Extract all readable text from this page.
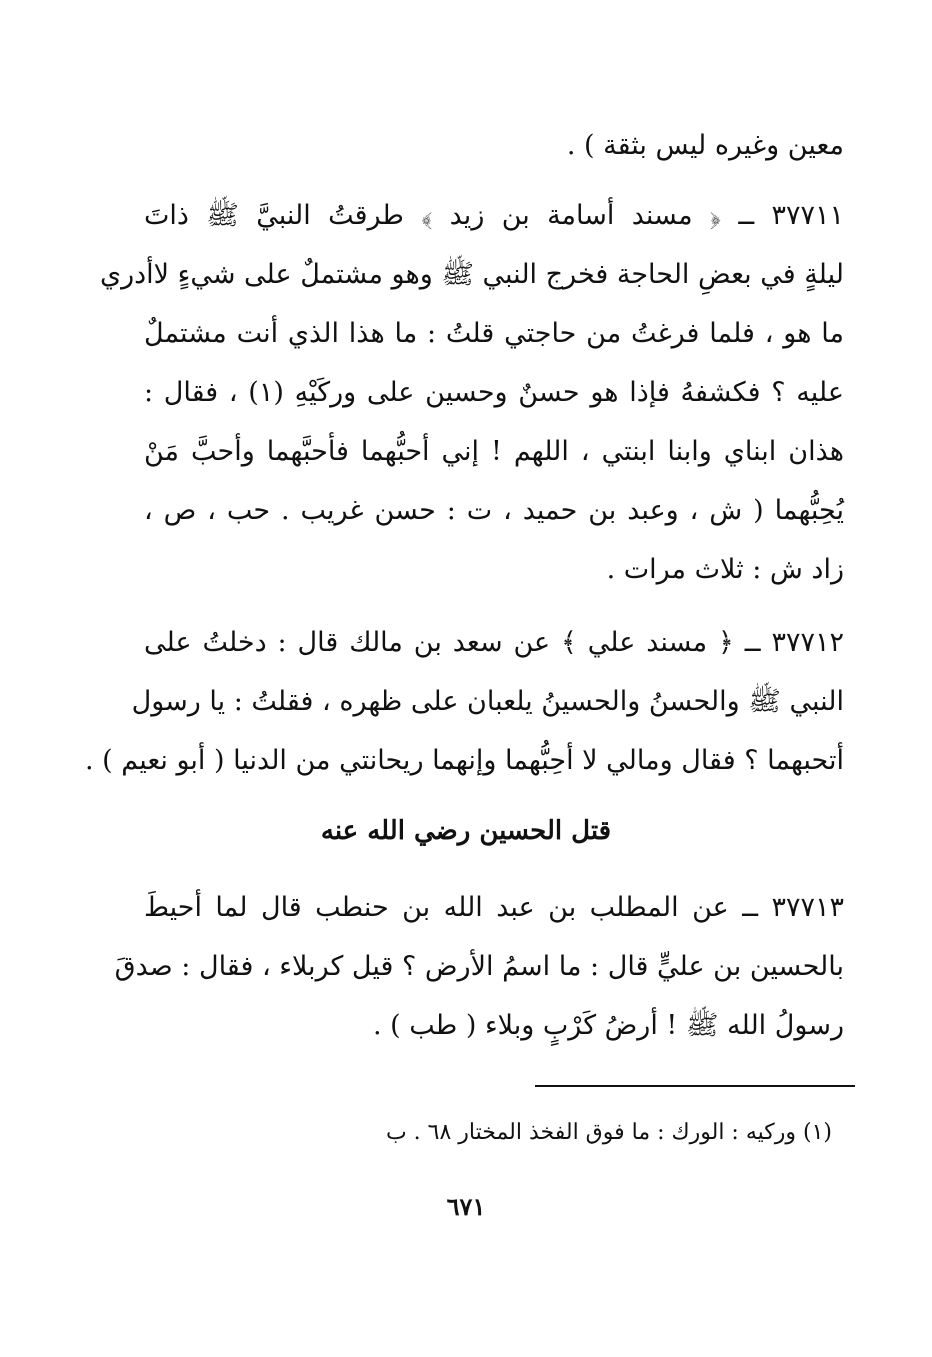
معين وغيره ليس بثقة ) .
٣٧٧١١ ــ ﴿ مسند أسامة بن زيد ﴾ طرقتُ النبيَّ ﷺ ذاتَ
ليلةٍ في بعضِ الحاجة فخرج النبي ﷺ وهو مشتملٌ على شيءٍ لاأدري
ما هو ، فلما فرغتُ من حاجتي قلتُ : ما هذا الذي أنت مشتملٌ
عليه ؟ فكشفهُ فإذا هو حسنٌ وحسين على وركَيْهِ (١) ، فقال :
هذان ابناي وابنا ابنتي ، اللهم ! إني أحبُّهما فأحبَّهما وأحبَّ مَنْ
يُحِبُّهما ( ش ، وعبد بن حميد ، ت : حسن غريب . حب ، ص ،
زاد ش : ثلاث مرات .
٣٧٧١٢ ــ ﴿ مسند علي ﴾ عن سعد بن مالك قال : دخلتُ على
النبي ﷺ والحسنُ والحسينُ يلعبان على ظهره ، فقلتُ : يا رسول
أتحبهما ؟ فقال ومالي لا أحِبُّهما وإنهما ريحانتي من الدنيا ( أبو نعيم ) .
قتل الحسين رضي الله عنه
٣٧٧١٣ ــ عن المطلب بن عبد الله بن حنطب قال لما أحيطَ
بالحسين بن عليٍّ قال : ما اسمُ الأرض ؟ قيل كربلاء ، فقال : صدقَ
رسولُ الله ﷺ ! أرضُ كَرْبٍ وبلاء ( طب ) .
(١) وركيه : الورك : ما فوق الفخذ المختار ٦٨ . ب
٦٧١
